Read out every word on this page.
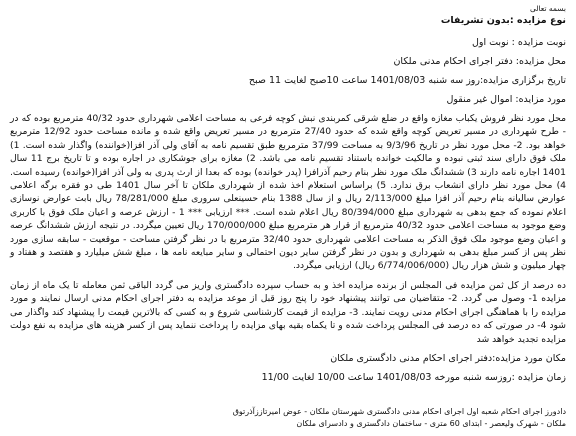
بسمه تعالی

نوع مزایده :بدون تشریفات

نوبت مزایده : نوبت اول

محل مزایده: دفتر اجرای احکام مدنی ملکان

تاریخ برگزاری مزایده:روز سه شنبه 1401/08/03 ساعت 10صبح لغایت 11 صبح

مورد مزایده: اموال غیر منقول

محل مورد نظر فروش یکباب مغازه واقع در ضلع شرقی کمربندی نبش کوچه فرعی به مساحت اعلامی شهرداری حدود 40/32 مترمربع بوده که در - طرح شهرداری در مسیر تعریض کوچه واقع شده که حدود 27/40 مترمربع در مسیر تعریض واقع شده و مانده مساحت حدود 12/92 مترمربع خواهد بود. 2- محل مورد نظر در تاریخ 9/3/96 به مساحت 37/99 مترمربع طبق تقسیم نامه به آقای ولی آذر افزا(خواننده) واگذار شده است. 1) ملک فوق دارای سند ثبتی نبوده و مالکیت خوانده باستناد تقسیم نامه می باشد. 2) مغازه برای جوشکاری در اجاره بوده و تا تاریخ برج 11 سال 1401 اجاره نامه دارند 3) ششدانگ ملک مورد نظر بنام رحیم آذرافزا (پدر خوانده) بوده که بعدا از ارث پدری به ولی آذر افزا(خوانده) رسیده است. 4) محل مورد نظر دارای انشعاب برق ندارد. 5) براساس استعلام اخذ شده از شهرداری ملکان تا آخر سال 1401 طی دو فقره برگه اعلامی عوارض سالیانه بنام رحیم آذر افزا مبلغ 2/113/000 ریال و از سال 1388 بنام حسینعلی سروری مبلغ 78/281/000 ریال بابت عوارض نوسازی اعلام نموده که جمع بدهی به شهرداری مبلغ 80/394/000 ریال اعلام شده است. *** ارزیابی *** 1 - ارزش عرصه و اعیان ملک فوق با کاربری وضع موجود به مساحت اعلامی حدود 40/32 مترمربع از قرار هر مترمربع مبلغ 170/000/000 ریال تعیین میگردد. در نتیجه ارزش ششدانگ عرصه و اعیان وضع موجود ملک فوق الذکر به مساحت اعلامی شهرداری حدود 32/40 مترمربع با در نظر گرفتن مساحت - موقعیت - سابقه سازی مورد نظر پس از کسر مبلغ بدهی به شهرداری و بدون در نظر گرفتن سایر دیون احتمالی و سایر مبایعه نامه ها ، مبلغ شش میلیارد و هفتصد و هفتاد و چهار میلیون و شش هزار ریال (6/774/006/000 ریال) ارزیابی میگردد.

ده درصد از کل ثمن مزایده فی المجلس از برنده مزایده اخذ و به حساب سپرده دادگستری واریز می گردد الباقی ثمن معامله تا یک ماه از زمان مزایده 1- وصول می گردد. 2- متقاضیان می توانند پیشنهاد خود را پنج روز قبل از موعد مزایده به دفتر اجرای احکام مدنی ارسال نمایند و مورد مزایده را با هماهنگی اجرای احکام مدنی رویت نمایند. 3- مزایده از قیمت کارشناسی شروع و به کسی که بالاترین قیمت را پیشنهاد کند واگذار می شود 4- در صورتی که ده درصد فی المجلس پرداخت شده و تا یکماه بقیه بهای مزایده را پرداخت ننماید پس از کسر هزینه های مزایده به نفع دولت مزایده تجدید خواهد شد

مکان مورد مزایده:دفتر اجرای احکام مدنی دادگستری ملکان

زمان مزایده :روزسه شنبه مورخه 1401/08/03 ساعت 10/00 لغایت 11/00

دادورز اجرای احکام شعبه اول اجرای احکام مدنی دادگستری شهرستان ملکان - عوض امیرتاززآذرتوق

ملکان - شهرک ولیعصر - ابتدای 60 متری - ساختمان دادگستری و دادسرای ملکان
